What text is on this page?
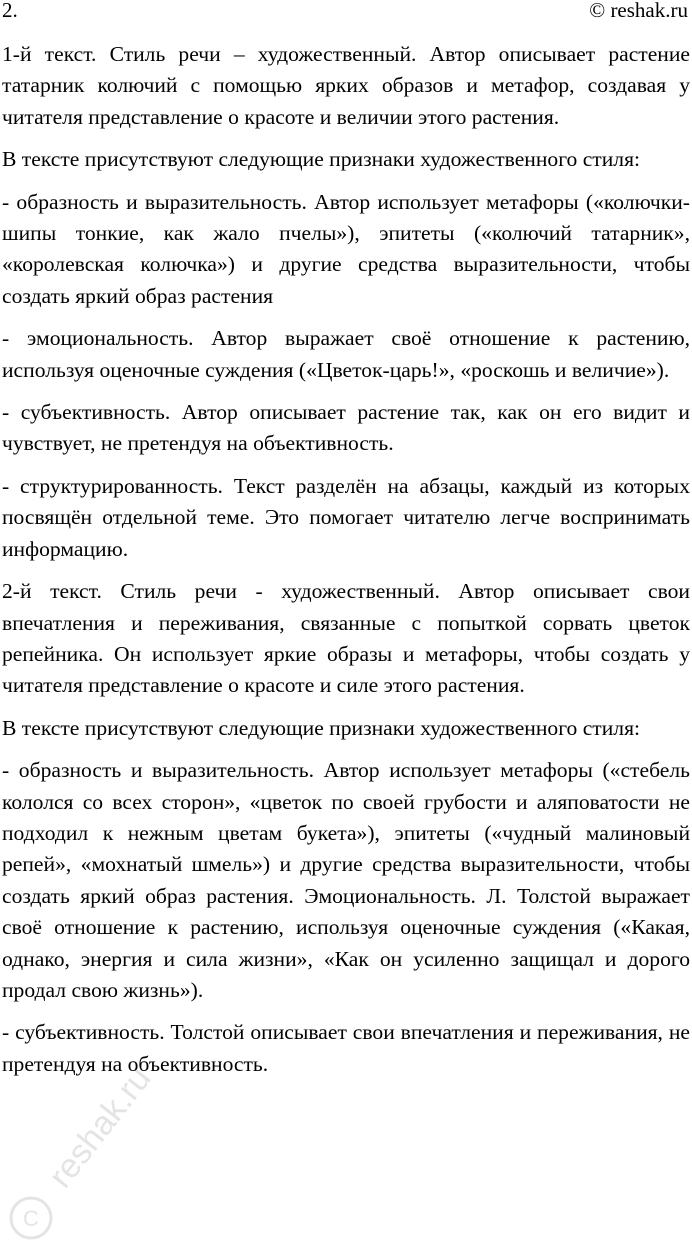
2.	© reshak.ru

1-й текст. Стиль речи – художественный. Автор описывает растение татарник колючий с помощью ярких образов и метафор, создавая у читателя представление о красоте и величии этого растения.

В тексте присутствуют следующие признаки художественного стиля:

- образность и выразительность. Автор использует метафоры («колючки-шипы тонкие, как жало пчелы»), эпитеты («колючий татарник», «королевская колючка») и другие средства выразительности, чтобы создать яркий образ растения

- эмоциональность. Автор выражает своё отношение к растению, используя оценочные суждения («Цветок-царь!», «роскошь и величие»).

- субъективность. Автор описывает растение так, как он его видит и чувствует, не претендуя на объективность.

- структурированность. Текст разделён на абзацы, каждый из которых посвящён отдельной теме. Это помогает читателю легче воспринимать информацию.

2-й текст. Стиль речи - художественный. Автор описывает свои впечатления и переживания, связанные с попыткой сорвать цветок репейника. Он использует яркие образы и метафоры, чтобы создать у читателя представление о красоте и силе этого растения.

В тексте присутствуют следующие признаки художественного стиля:

- образность и выразительность. Автор использует метафоры («стебель кололся со всех сторон», «цветок по своей грубости и аляповатости не подходил к нежным цветам букета»), эпитеты («чудный малиновый репей», «мохнатый шмель») и другие средства выразительности, чтобы создать яркий образ растения. Эмоциональность. Л. Толстой выражает своё отношение к растению, используя оценочные суждения («Какая, однако, энергия и сила жизни», «Как он усиленно защищал и дорого продал свою жизнь»).

- субъективность. Толстой описывает свои впечатления и переживания, не претендуя на объективность.

C
reshak.ru
